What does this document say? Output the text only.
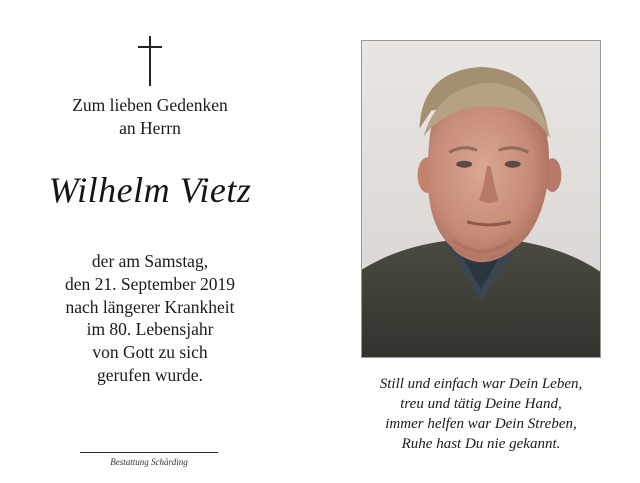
Zum lieben Gedenken
an Herrn
Wilhelm Vietz
der am Samstag,
den 21. September 2019
nach längerer Krankheit
im 80. Lebensjahr
von Gott zu sich
gerufen wurde.
Bestattung Schärding
Still und einfach war Dein Leben,
treu und tätig Deine Hand,
immer helfen war Dein Streben,
Ruhe hast Du nie gekannt.
